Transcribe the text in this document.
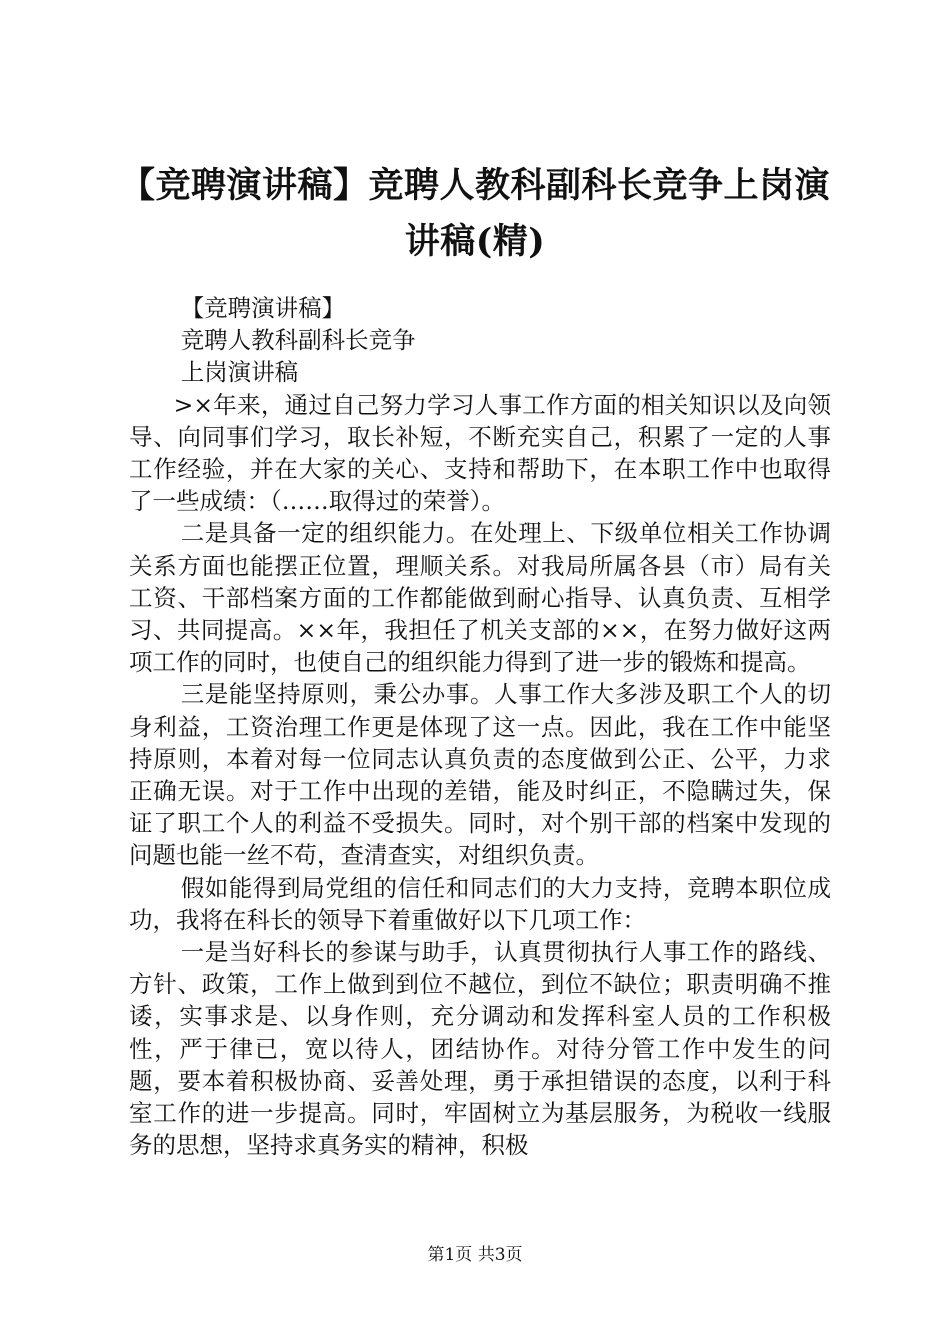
【竞聘演讲稿】竞聘人教科副科长竞争上岗演
讲稿(精)

【竞聘演讲稿】

竞聘人教科副科长竞争

上岗演讲稿

>×年来，通过自己努力学习人事工作方面的相关知识以及向领导、向同事们学习，取长补短，不断充实自己，积累了一定的人事工作经验，并在大家的关心、支持和帮助下，在本职工作中也取得了一些成绩：（……取得过的荣誉）。

二是具备一定的组织能力。在处理上、下级单位相关工作协调关系方面也能摆正位置，理顺关系。对我局所属各县（市）局有关工资、干部档案方面的工作都能做到耐心指导、认真负责、互相学习、共同提高。××年，我担任了机关支部的××，在努力做好这两项工作的同时，也使自己的组织能力得到了进一步的锻炼和提高。

三是能坚持原则，秉公办事。人事工作大多涉及职工个人的切身利益，工资治理工作更是体现了这一点。因此，我在工作中能坚持原则，本着对每一位同志认真负责的态度做到公正、公平，力求正确无误。对于工作中出现的差错，能及时纠正，不隐瞒过失，保证了职工个人的利益不受损失。同时，对个别干部的档案中发现的问题也能一丝不苟，查清查实，对组织负责。

假如能得到局党组的信任和同志们的大力支持，竞聘本职位成功，我将在科长的领导下着重做好以下几项工作：

一是当好科长的参谋与助手，认真贯彻执行人事工作的路线、方针、政策，工作上做到到位不越位，到位不缺位；职责明确不推诿，实事求是、以身作则，充分调动和发挥科室人员的工作积极性，严于律已，宽以待人，团结协作。对待分管工作中发生的问题，要本着积极协商、妥善处理，勇于承担错误的态度，以利于科室工作的进一步提高。同时，牢固树立为基层服务，为税收一线服务的思想，坚持求真务实的精神，积极

第1页 共3页
